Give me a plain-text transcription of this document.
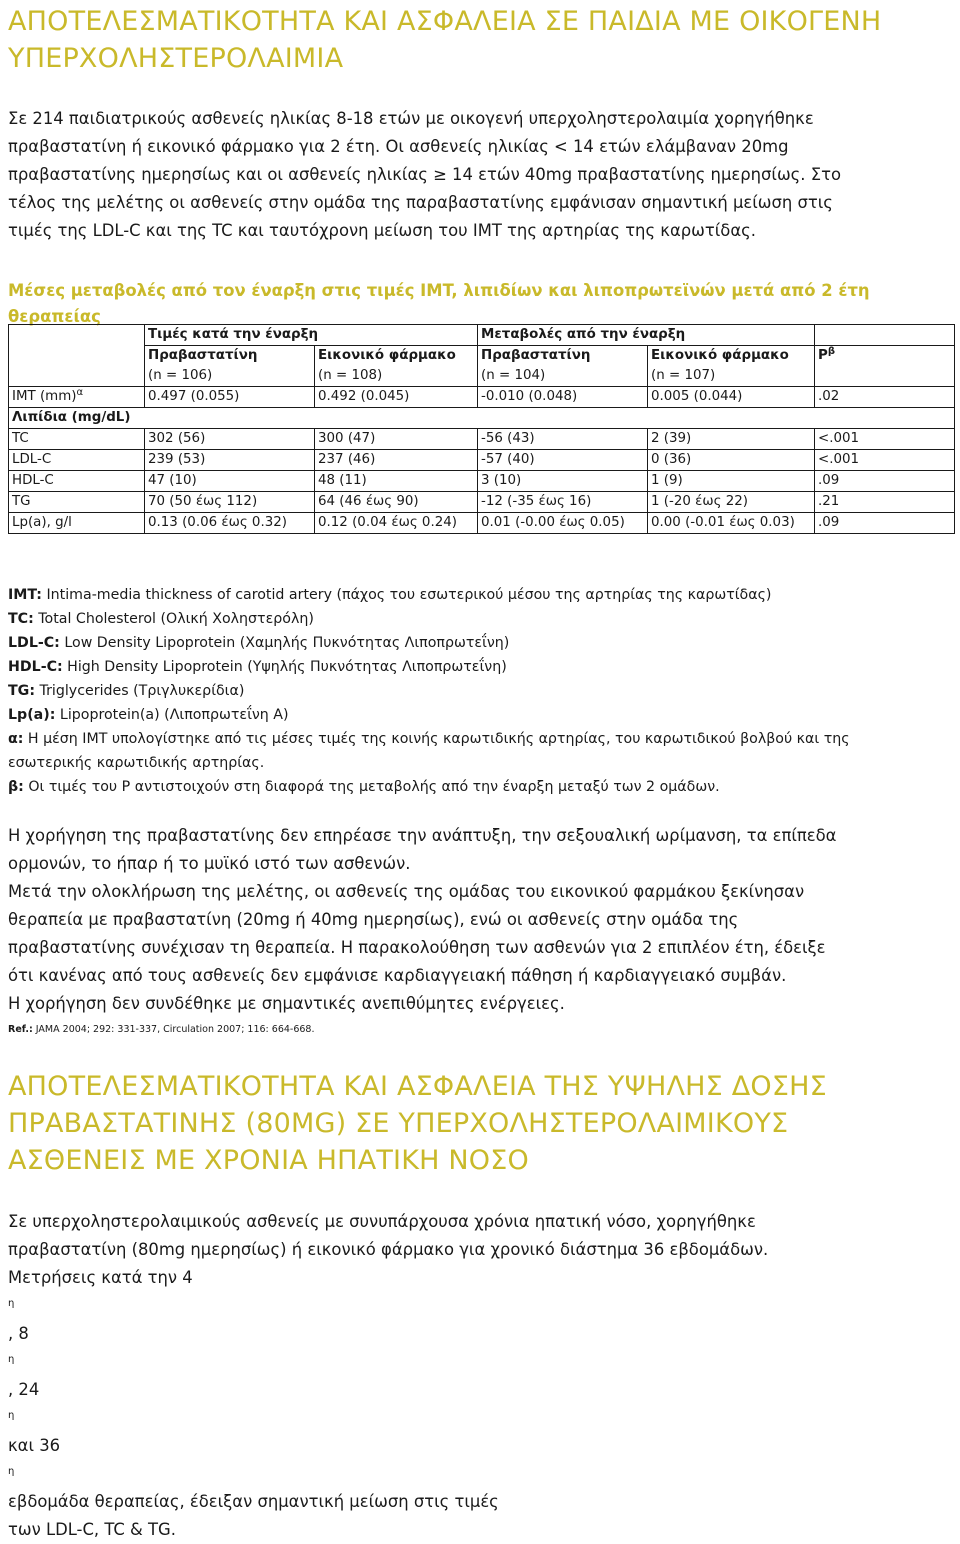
ΑΠΟΤΕΛΕΣΜΑΤΙΚΟΤΗΤΑ ΚΑΙ ΑΣΦΑΛΕΙΑ ΣΕ ΠΑΙΔΙΑ ΜΕ ΟΙΚΟΓΕΝΗ
ΥΠΕΡΧΟΛΗΣΤΕΡΟΛΑΙΜΙΑ
Σε 214 παιδιατρικούς ασθενείς ηλικίας 8-18 ετών με οικογενή υπερχοληστερολαιμία χορηγήθηκε
πραβαστατίνη ή εικονικό φάρμακο για 2 έτη. Οι ασθενείς ηλικίας < 14 ετών ελάμβαναν 20mg
πραβαστατίνης ημερησίως και οι ασθενείς ηλικίας ≥ 14 ετών 40mg πραβαστατίνης ημερησίως. Στο
τέλος της μελέτης οι ασθενείς στην ομάδα της παραβαστατίνης εμφάνισαν σημαντική μείωση στις
τιμές της LDL-C και της TC και ταυτόχρονη μείωση του IMT της αρτηρίας της καρωτίδας.
Μέσες μεταβολές από τον έναρξη στις τιμές IMT, λιπιδίων και λιποπρωτεϊνών μετά από 2 έτη θεραπείας
	Τιμές κατά την έναρξη		Μεταβολές από την έναρξη		
	Πραβαστατίνη	Εικονικό φάρμακο	Πραβαστατίνη	Εικονικό φάρμακο	$P^\beta$
	(n = 106)	(n = 108)	(n = 104)	(n = 107)	
IMT (mm)$^\alpha$	0.497 (0.055)	0.492 (0.045)	-0.010 (0.048)	0.005 (0.044)	.02
Λιπίδια (mg/dL)					
TC	302 (56)	300 (47)	-56 (43)	2 (39)	<.001
LDL-C	239 (53)	237 (46)	-57 (40)	0 (36)	<.001
HDL-C	47 (10)	48 (11)	3 (10)	1 (9)	.09
TG	70 (50 έως 112)	64 (46 έως 90)	-12 (-35 έως 16)	1 (-20 έως 22)	.21
Lp(a), g/l	0.13 (0.06 έως 0.32)	0.12 (0.04 έως 0.24)	0.01 (-0.00 έως 0.05)	0.00 (-0.01 έως 0.03)	.09
IMT: Intima-media thickness of carotid artery (πάχος του εσωτερικού μέσου της αρτηρίας της καρωτίδας)
TC: Total Cholesterol (Ολική Χοληστερόλη)
LDL-C: Low Density Lipoprotein (Χαμηλής Πυκνότητας Λιποπρωτεΐνη)
HDL-C: High Density Lipoprotein (Υψηλής Πυκνότητας Λιποπρωτεΐνη)
TG: Triglycerides (Τριγλυκερίδια)
Lp(a): Lipoprotein(a) (Λιποπρωτεΐνη Α)
α: Η μέση IMT υπολογίστηκε από τις μέσες τιμές της κοινής καρωτιδικής αρτηρίας, του καρωτιδικού βολβού και της
εσωτερικής καρωτιδικής αρτηρίας.
β: Οι τιμές του P αντιστοιχούν στη διαφορά της μεταβολής από την έναρξη μεταξύ των 2 ομάδων.
Η χορήγηση της πραβαστατίνης δεν επηρέασε την ανάπτυξη, την σεξουαλική ωρίμανση, τα επίπεδα
ορμονών, το ήπαρ ή το μυϊκό ιστό των ασθενών.
Μετά την ολοκλήρωση της μελέτης, οι ασθενείς της ομάδας του εικονικού φαρμάκου ξεκίνησαν
θεραπεία με πραβαστατίνη (20mg ή 40mg ημερησίως), ενώ οι ασθενείς στην ομάδα της
πραβαστατίνης συνέχισαν τη θεραπεία. Η παρακολούθηση των ασθενών για 2 επιπλέον έτη, έδειξε
ότι κανένας από τους ασθενείς δεν εμφάνισε καρδιαγγειακή πάθηση ή καρδιαγγειακό συμβάν.
Η χορήγηση δεν συνδέθηκε με σημαντικές ανεπιθύμητες ενέργειες.
Ref.: JAMA 2004; 292: 331-337, Circulation 2007; 116: 664-668.
ΑΠΟΤΕΛΕΣΜΑΤΙΚΟΤΗΤΑ ΚΑΙ ΑΣΦΑΛΕΙΑ ΤΗΣ ΥΨΗΛΗΣ ΔΟΣΗΣ
ΠΡΑΒΑΣΤΑΤΙΝΗΣ (80MG) ΣΕ ΥΠΕΡΧΟΛΗΣΤΕΡΟΛΑΙΜΙΚΟΥΣ
ΑΣΘΕΝΕΙΣ ΜΕ ΧΡΟΝΙΑ ΗΠΑΤΙΚΗ ΝΟΣΟ
Σε υπερχοληστερολαιμικούς ασθενείς με συνυπάρχουσα χρόνια ηπατική νόσο, χορηγήθηκε
πραβαστατίνη (80mg ημερησίως) ή εικονικό φάρμακο για χρονικό διάστημα 36 εβδομάδων.
Μετρήσεις κατά την 4
$^\eta$
, 8
$^\eta$
, 24
$^\eta$
και 36
$^\eta$
εβδομάδα θεραπείας, έδειξαν σημαντική μείωση στις τιμές
των LDL-C, TC & TG.
